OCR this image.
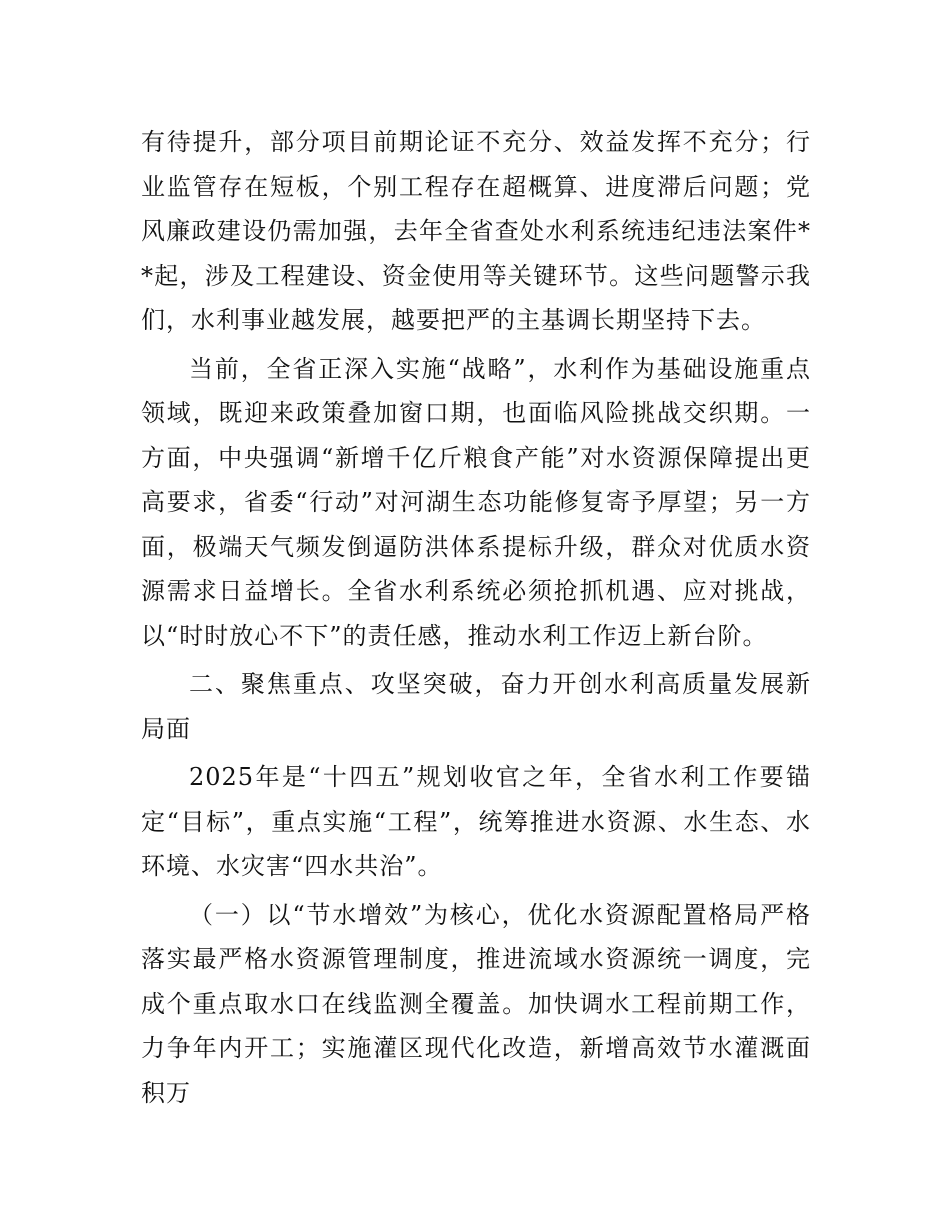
有待提升，部分项目前期论证不充分、效益发挥不充分；行业监管存在短板，个别工程存在超概算、进度滞后问题；党风廉政建设仍需加强，去年全省查处水利系统违纪违法案件**起，涉及工程建设、资金使用等关键环节。这些问题警示我们，水利事业越发展，越要把严的主基调长期坚持下去。

当前，全省正深入实施“战略”，水利作为基础设施重点领域，既迎来政策叠加窗口期，也面临风险挑战交织期。一方面，中央强调“新增千亿斤粮食产能”对水资源保障提出更高要求，省委“行动”对河湖生态功能修复寄予厚望；另一方面，极端天气频发倒逼防洪体系提标升级，群众对优质水资源需求日益增长。全省水利系统必须抢抓机遇、应对挑战，以“时时放心不下”的责任感，推动水利工作迈上新台阶。

二、聚焦重点、攻坚突破，奋力开创水利高质量发展新局面

2025年是“十四五”规划收官之年，全省水利工作要锚定“目标”，重点实施“工程”，统筹推进水资源、水生态、水环境、水灾害“四水共治”。

（一）以“节水增效”为核心，优化水资源配置格局严格落实最严格水资源管理制度，推进流域水资源统一调度，完成个重点取水口在线监测全覆盖。加快调水工程前期工作，力争年内开工；实施灌区现代化改造，新增高效节水灌溉面积万
